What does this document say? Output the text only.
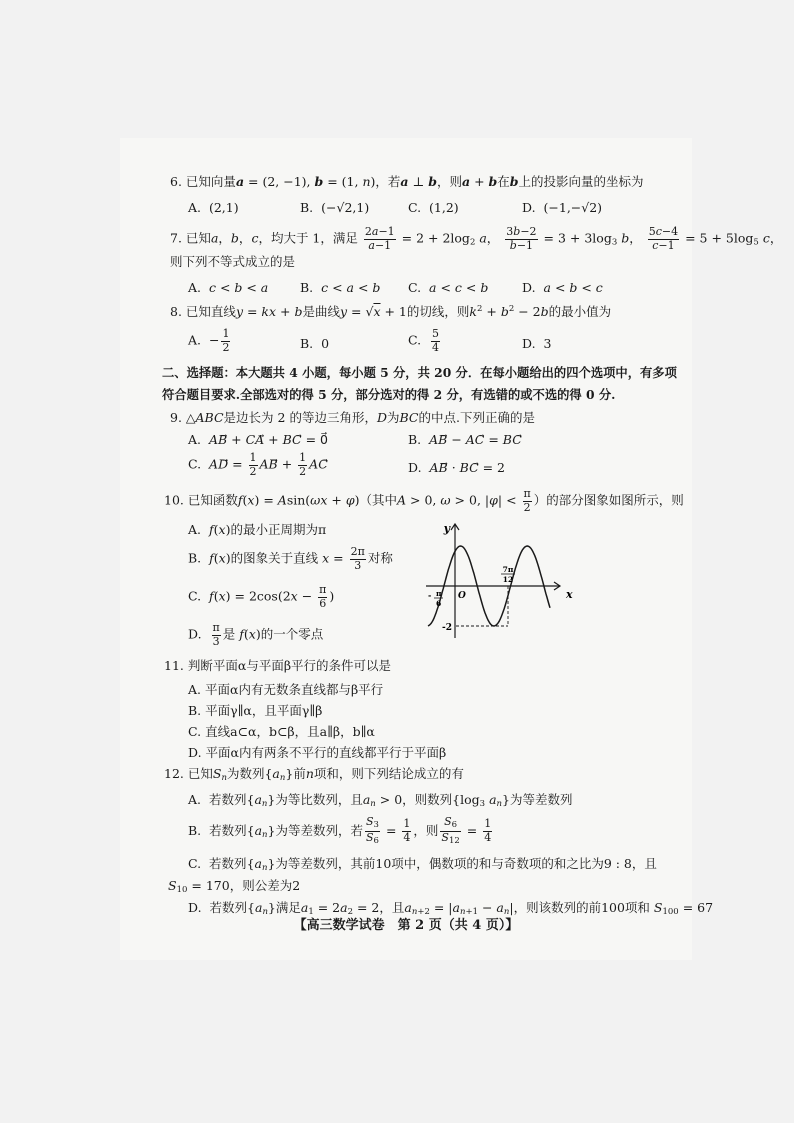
6. 已知向量a = (2, −1), b = (1, n)，若a ⊥ b，则a + b在b上的投影向量的坐标为
A. (2,1)	B. (−√2,1)	C. (1,2)	D. (−1,−√2)
7. 已知a，b，c，均大于 1，满足 $\frac{2a-1}{a-1} = 2 + 2\log_2$ a， $\frac{3b-2}{b-1} = 3 + 3\log_3$ b， $\frac{5c-4}{c-1} = 5 + 5\log_5$ c，
则下列不等式成立的是
A. c < b < a	B. c < a < b C. a < c < b	D. a < b < c
8. 已知直线y = kx + b是曲线y = √x + 1的切线，则$k^2 + b^2 - 2b$的最小值为
A.  − $\frac{1}{2}$	B. 0	C. $\frac{5}{4}$	D. 3
二、选择题：本大题共 4 小题，每小题 5 分，共 20 分．在每小题给出的四个选项中，有多项
符合题目要求.全部选对的得 5 分，部分选对的得 2 分，有选错的或不选的得 0 分.
9. △ABC是边长为 2 的等边三角形，D为BC的中点.下列正确的是
A. AB⃗ + CA⃗ + BC⃗ = 0⃗	B. AB⃗ − AC⃗ = BC
C. AD⃗ = $\frac{1}{2}$ AB⃗ + $\frac{1}{2}$ AC	D. AB⃗ · BC⃗ = 2
10. 已知函数f(x) = Asin(ωx + φ)（其中A > 0, ω > 0, $|\varphi| < \frac{\pi}{2}$ ）的部分图象如图所示，则
A. f(x)的最小正周期为π
B. f(x)的图象关于直线 $x = \frac{2\pi}{3}$ 对称
C. $f(x) = 2\cos(2x - \frac{\pi}{6}$ )
D. $\frac{\pi}{3}$ 是 f(x)的一个零点
y
x
O
- π
6
7π
12
-2
11. 判断平面α与平面β平行的条件可以是
A. 平面α内有无数条直线都与β平行
B. 平面γ∥α，且平面γ∥β
C. 直线a⊂α，b⊂β，且a∥β，b∥α
D. 平面α内有两条不平行的直线都平行于平面β
12. 已知$S_n$为数列$\{a_n\}$前n项和，则下列结论成立的有
A. 若数列$\{a_n\}$为等比数列，且$a_n > 0$，则数列{$\log_3$ $a_n$}为等差数列
B. 若数列$\{a_n\}$为等差数列，若 $\frac{S_3}{S_6} = \frac{1}{4}$ ，则 $\frac{S_6}{S_{12}} = \frac{1}{4}$
C. 若数列$\{a_n\}$为等差数列，其前10项中，偶数项的和与奇数项的和之比为9 : 8，且
$S_{10} = 170$，则公差为2
D. 若数列$\{a_n\}$满足$a_1 = 2a_2 = 2$，且$a_{n+2} = |a_{n+1} - a_n|$，则该数列的前100项和 $S_{100} = 67$
【高三数学试卷　第 2 页（共 4 页）】
